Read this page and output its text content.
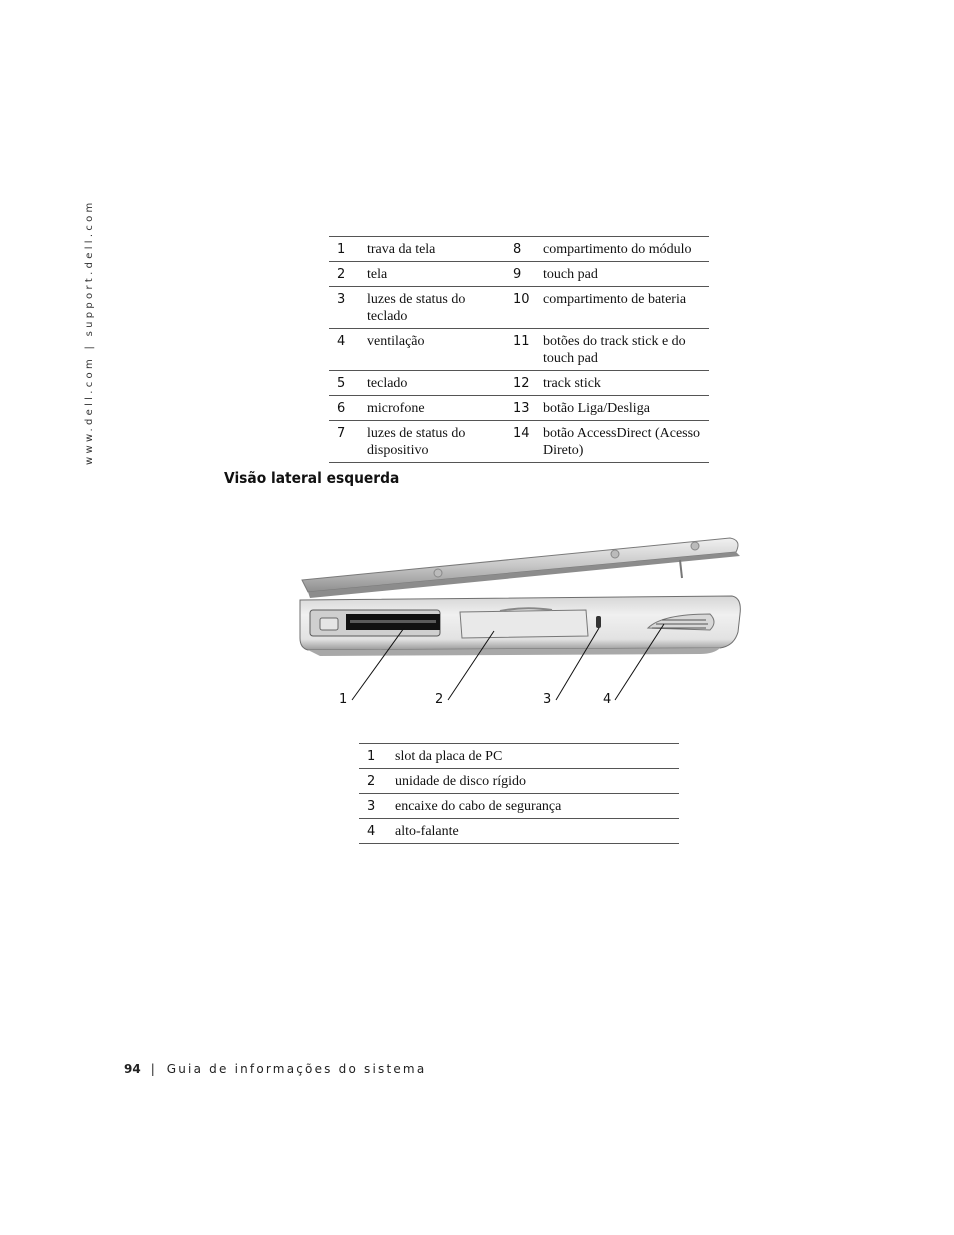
www.dell.com | support.dell.com	1	trava da tela	8	compartimento do módulo
2	tela	9	touch pad
3	luzes de status do teclado	10	compartimento de bateria
4	ventilação	11	botões do track stick e do touch pad
5	teclado	12	track stick
6	microfone	13	botão Liga/Desliga
7	luzes de status do dispositivo	14	botão AccessDirect (Acesso Direto)
Visão lateral esquerda
1	2	3	4
1	slot da placa de PC
2	unidade de disco rígido
3	encaixe do cabo de segurança
4	alto-falante
94 | Guia de informações do sistema
